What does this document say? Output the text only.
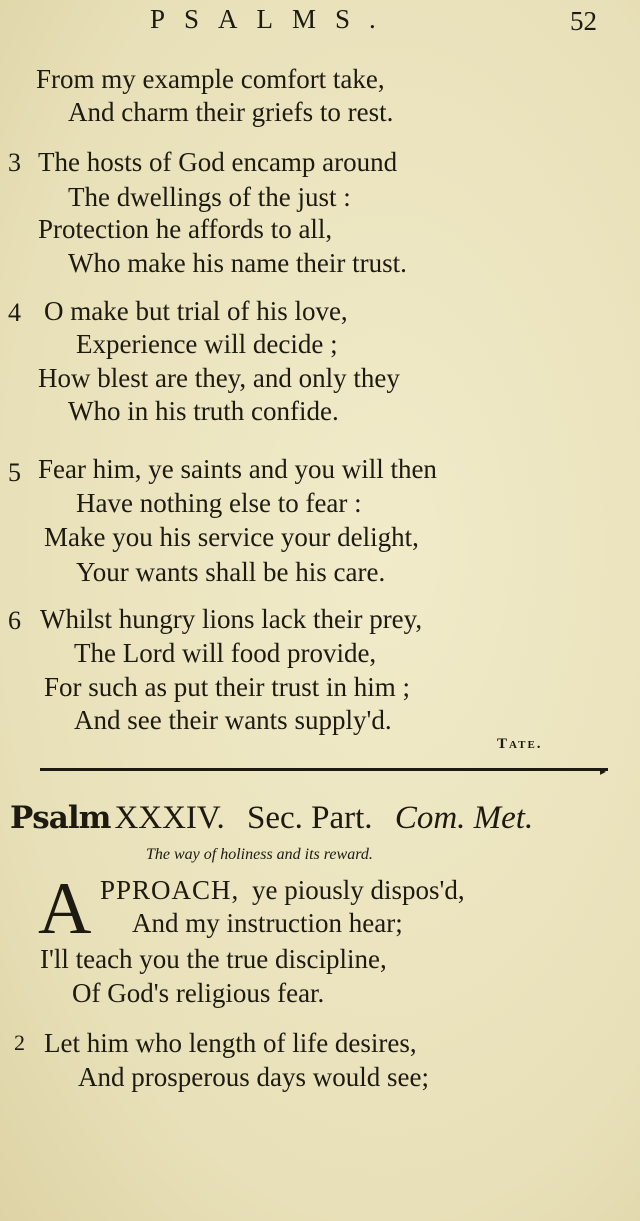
PSALMS.	52
From my example comfort take,
And charm their griefs to rest.
3 The hosts of God encamp around
The dwellings of the just :
Protection he affords to all,
Who make his name their trust.
4 O make but trial of his love,
Experience will decide ;
How blest are they, and only they
Who in his truth confide.
5 Fear him, ye saints and you will then
Have nothing else to fear :
Make you his service your delight,
Your wants shall be his care.
6 Whilst hungry lions lack their prey,
The Lord will food provide,
For such as put their trust in him ;
And see their wants supply'd.
Tate.
▸
Psalm XXXIV. Sec. Part. Com. Met.
The way of holiness and its reward.
A PPROACH, ye piously dispos'd,
And my instruction hear;
I'll teach you the true discipline,
Of God's religious fear.
2 Let him who length of life desires,
And prosperous days would see;
